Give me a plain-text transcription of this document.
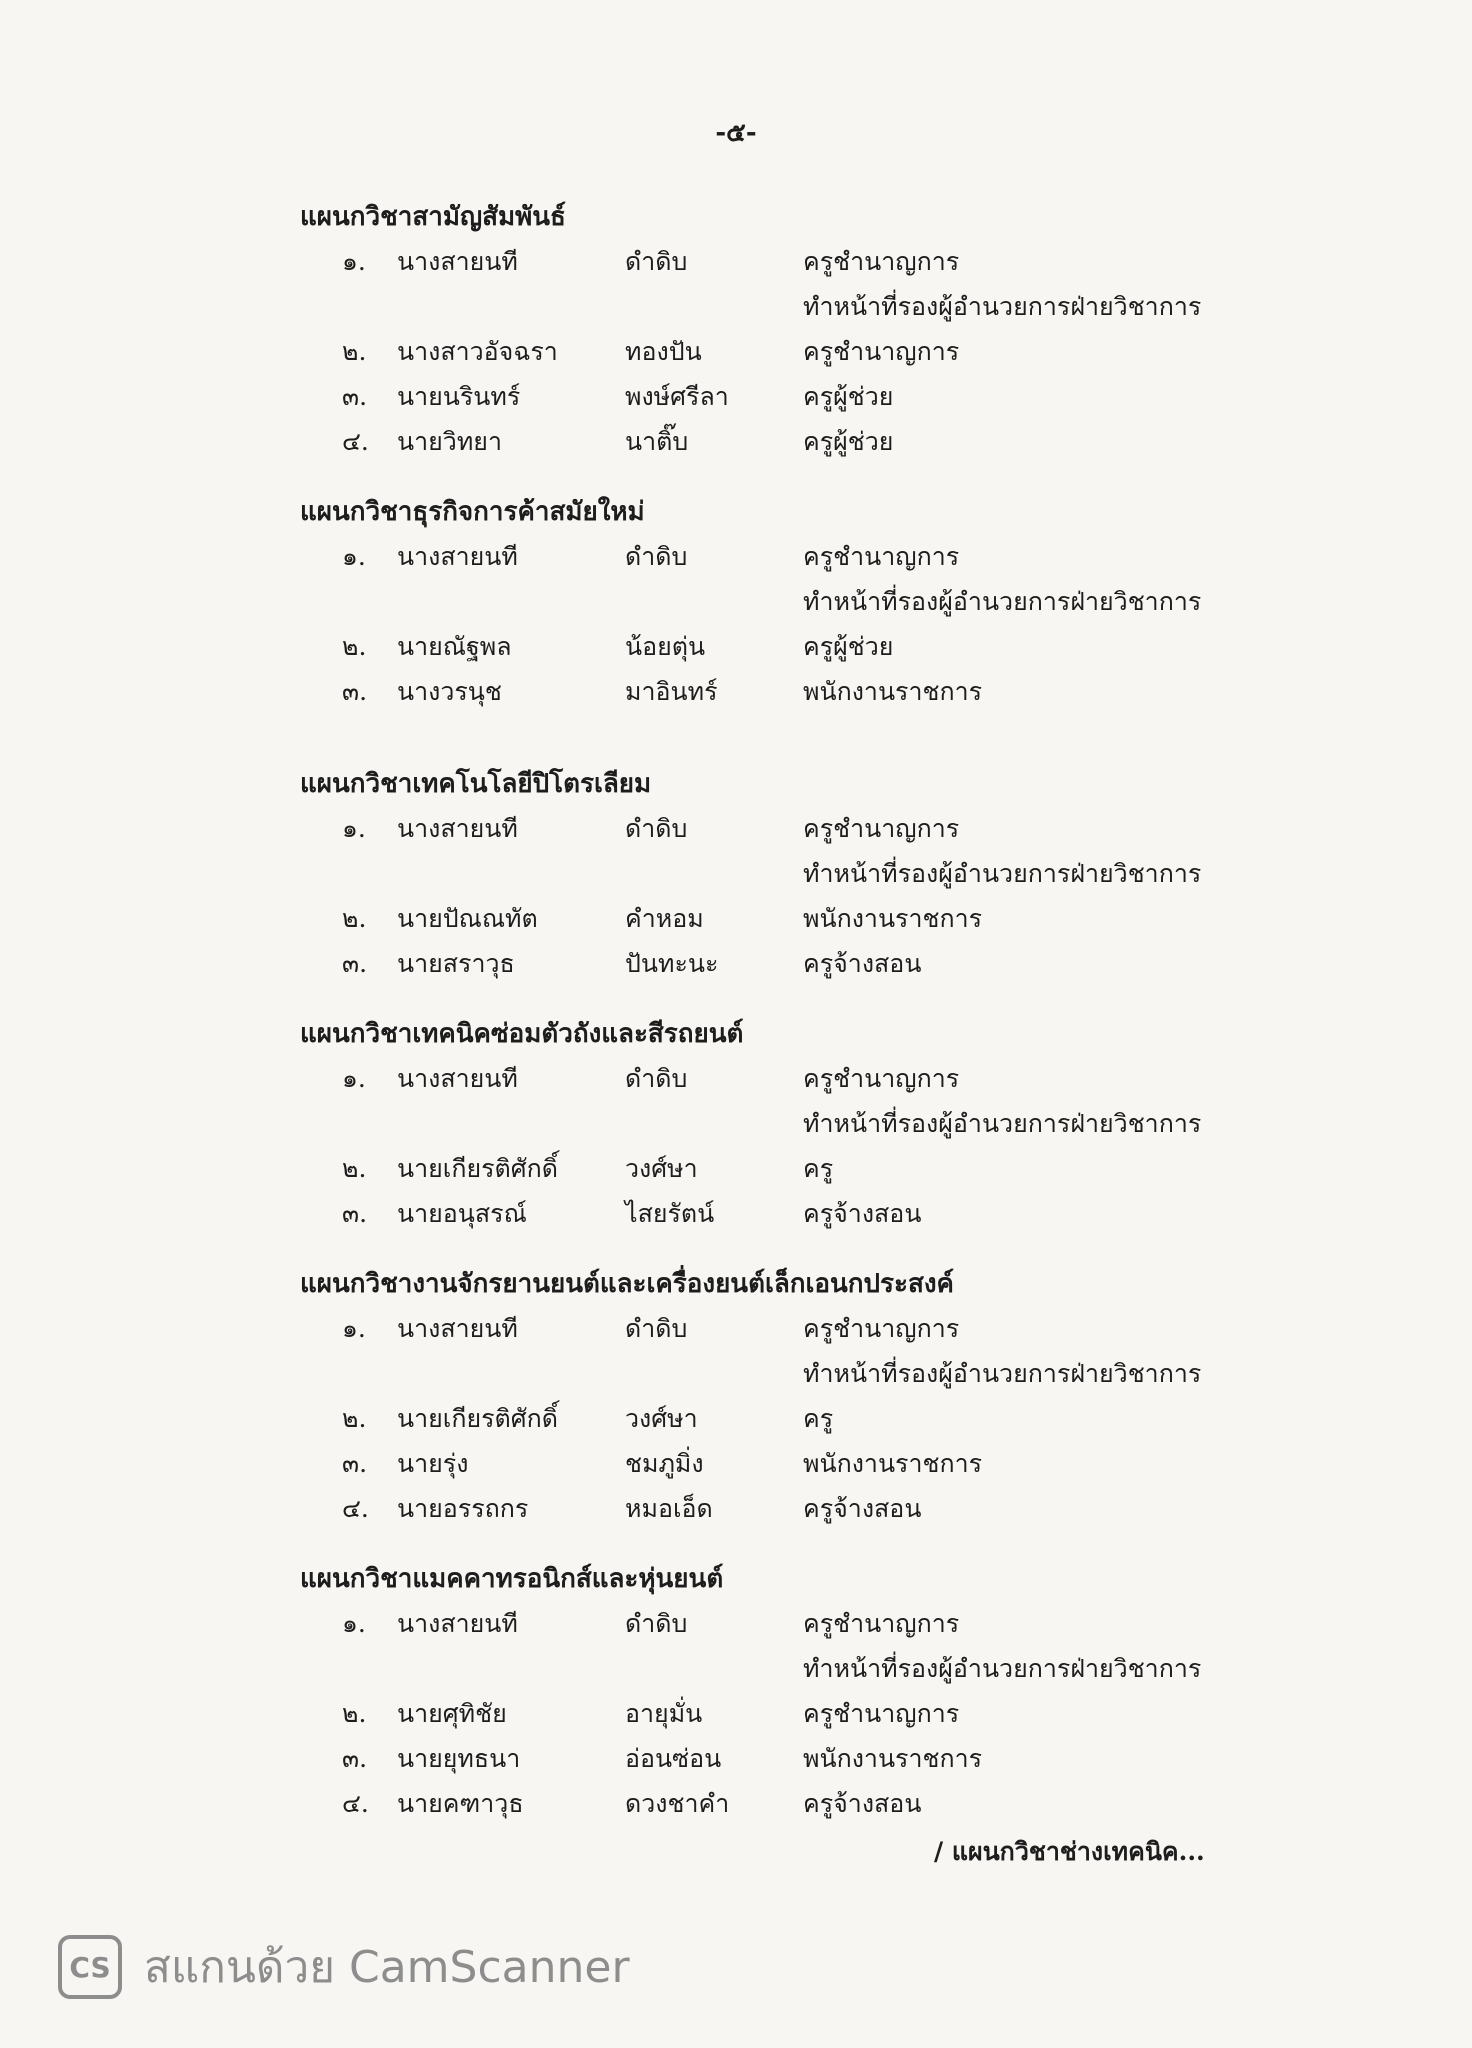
-๕-
แผนกวิชาสามัญสัมพันธ์
๑.	นางสายนที	ดำดิบ	ครูชำนาญการ
ทำหน้าที่รองผู้อำนวยการฝ่ายวิชาการ
๒.	นางสาวอัจฉรา	ทองปัน	ครูชำนาญการ
๓.	นายนรินทร์	พงษ์ศรีลา	ครูผู้ช่วย
๔.	นายวิทยา	นาติ๊บ	ครูผู้ช่วย
แผนกวิชาธุรกิจการค้าสมัยใหม่
๑.	นางสายนที	ดำดิบ	ครูชำนาญการ
ทำหน้าที่รองผู้อำนวยการฝ่ายวิชาการ
๒.	นายณัฐพล	น้อยตุ่น	ครูผู้ช่วย
๓.	นางวรนุช	มาอินทร์	พนักงานราชการ
แผนกวิชาเทคโนโลยีปิโตรเลียม
๑.	นางสายนที	ดำดิบ	ครูชำนาญการ
ทำหน้าที่รองผู้อำนวยการฝ่ายวิชาการ
๒.	นายปัณณทัต	คำหอม	พนักงานราชการ
๓.	นายสราวุธ	ปันทะนะ	ครูจ้างสอน
แผนกวิชาเทคนิคซ่อมตัวถังและสีรถยนต์
๑.	นางสายนที	ดำดิบ	ครูชำนาญการ
ทำหน้าที่รองผู้อำนวยการฝ่ายวิชาการ
๒.	นายเกียรติศักดิ์	วงศ์ษา	ครู
๓.	นายอนุสรณ์	ไสยรัตน์	ครูจ้างสอน
แผนกวิชางานจักรยานยนต์และเครื่องยนต์เล็กเอนกประสงค์
๑.	นางสายนที	ดำดิบ	ครูชำนาญการ
ทำหน้าที่รองผู้อำนวยการฝ่ายวิชาการ
๒.	นายเกียรติศักดิ์	วงศ์ษา	ครู
๓.	นายรุ่ง	ชมภูมิ่ง	พนักงานราชการ
๔.	นายอรรถกร	หมอเอ็ด	ครูจ้างสอน
แผนกวิชาแมคคาทรอนิกส์และหุ่นยนต์
๑.	นางสายนที	ดำดิบ	ครูชำนาญการ
ทำหน้าที่รองผู้อำนวยการฝ่ายวิชาการ
๒.	นายศุทิชัย	อายุมั่น	ครูชำนาญการ
๓.	นายยุทธนา	อ่อนซ่อน	พนักงานราชการ
๔.	นายคฑาวุธ	ดวงชาคำ	ครูจ้างสอน
/ แผนกวิชาช่างเทคนิค...
CS สแกนด้วย CamScanner
